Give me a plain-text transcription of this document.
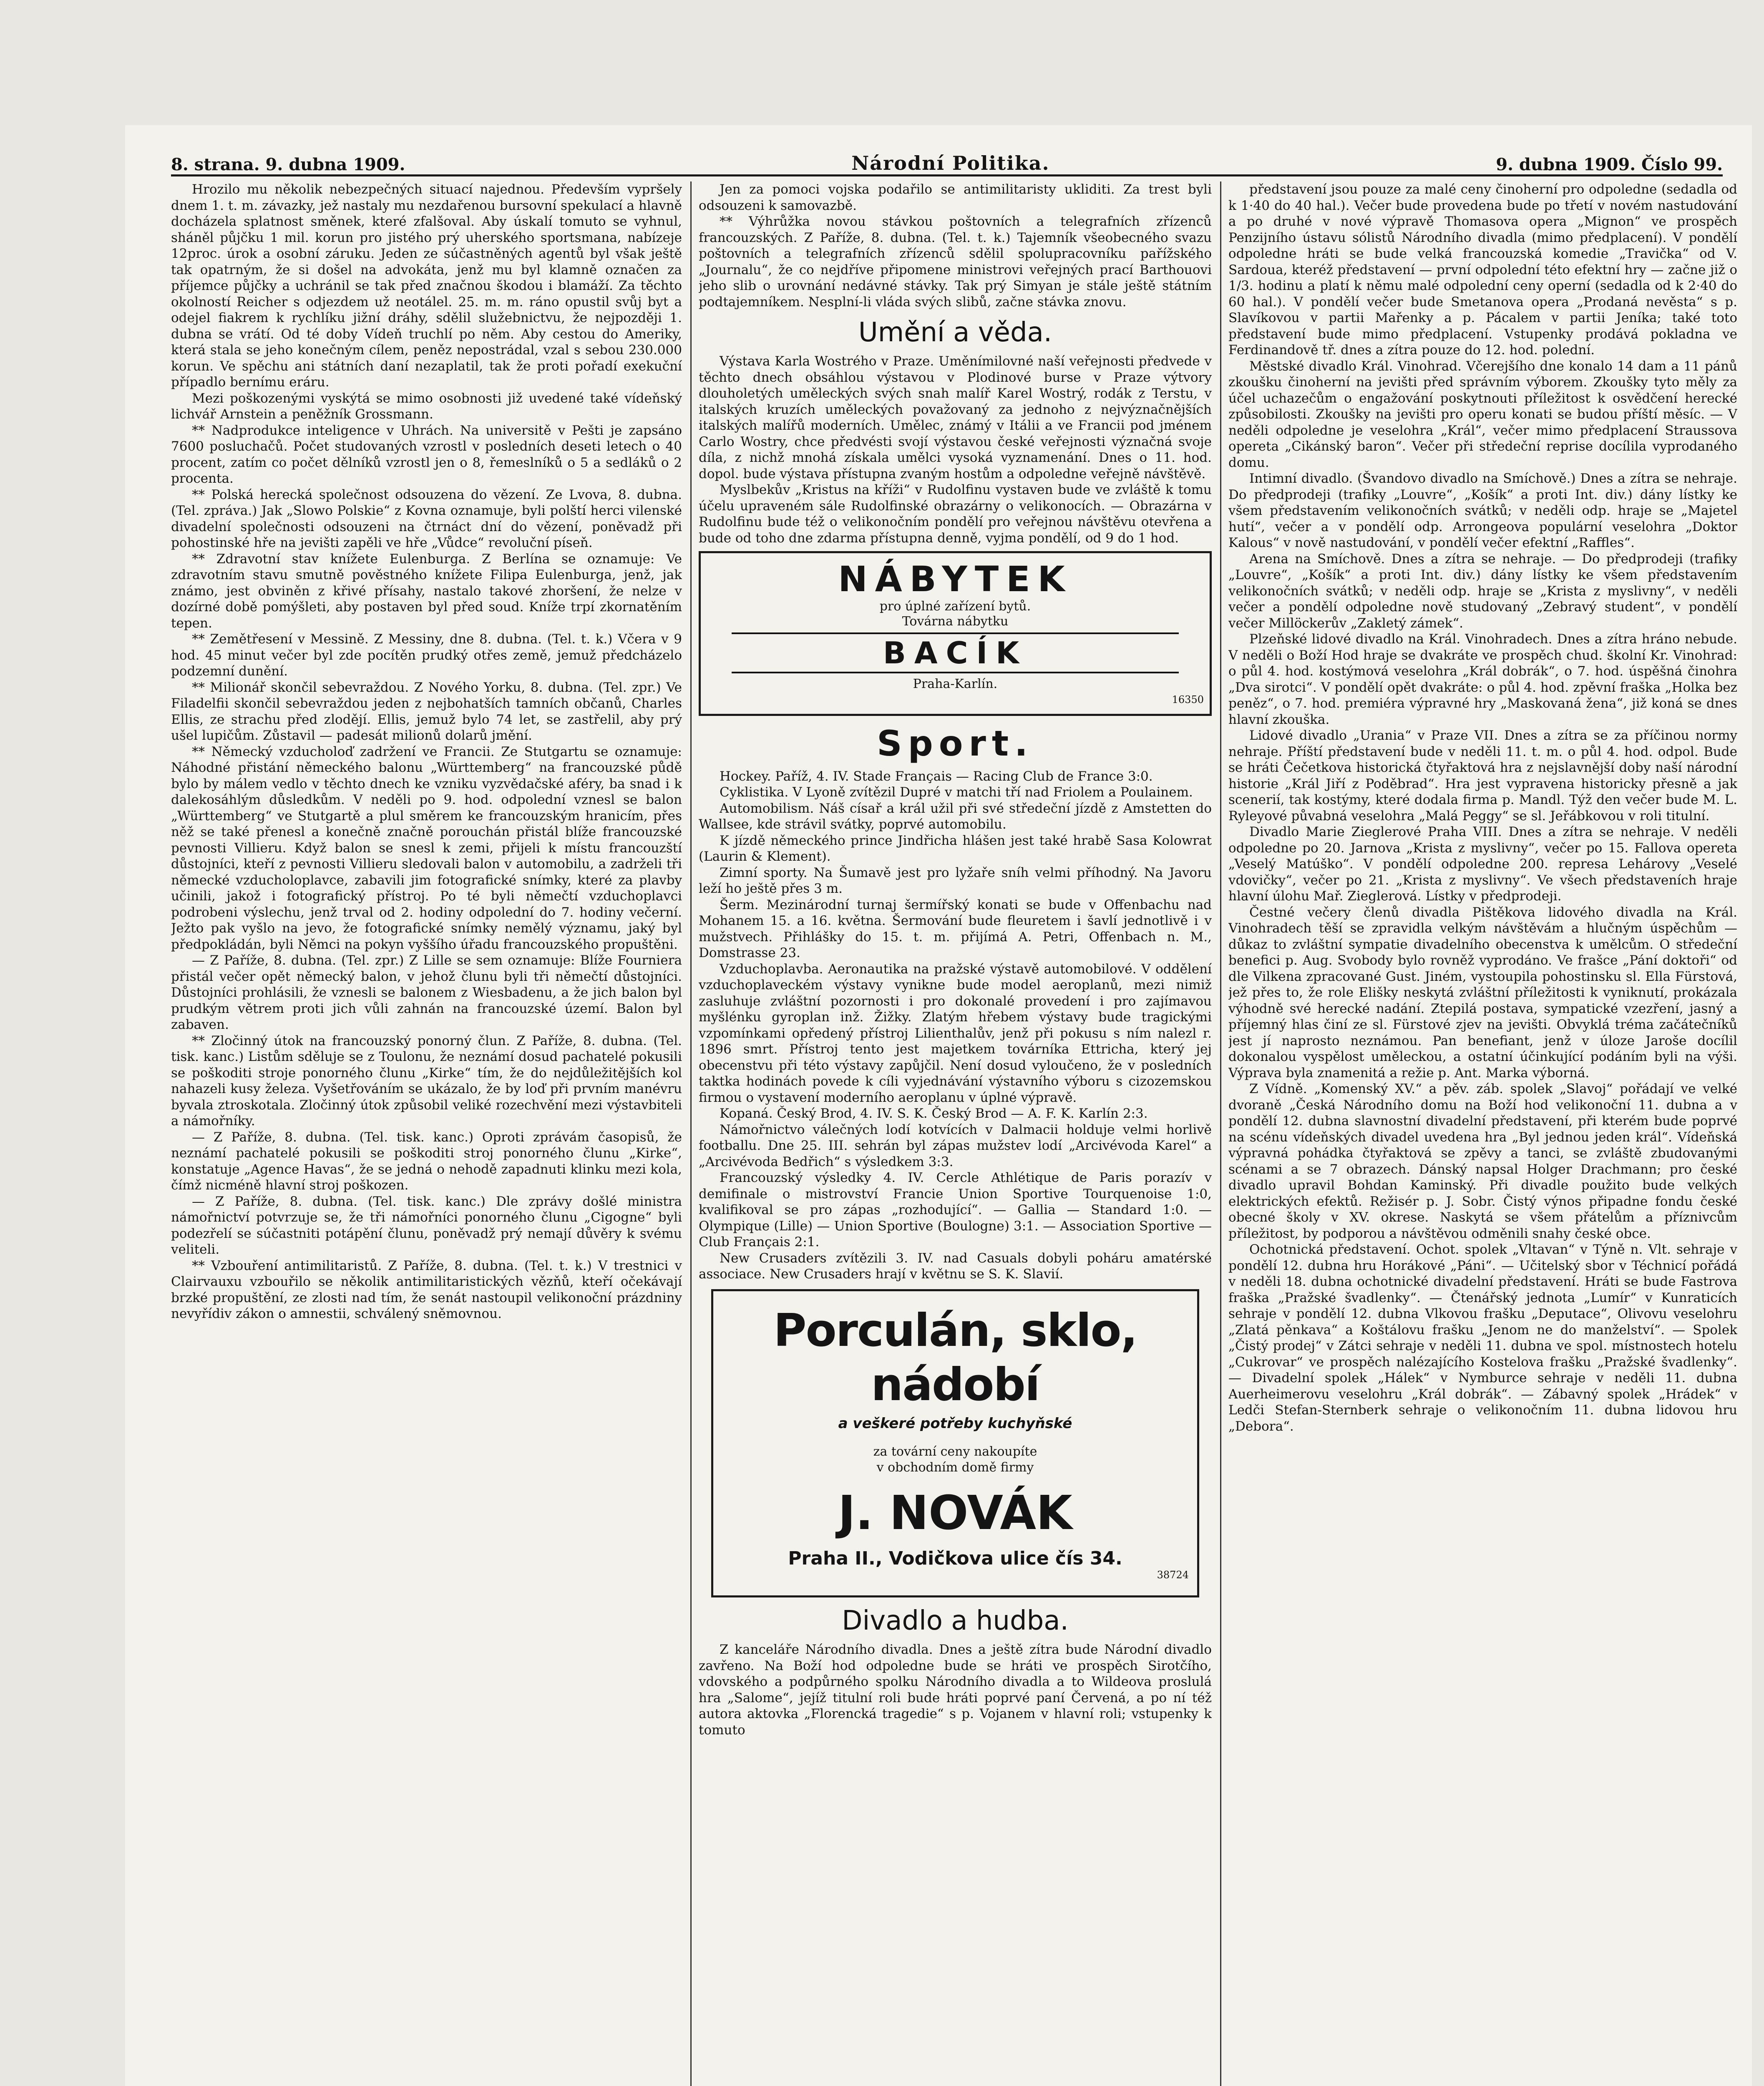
8. strana. 9. dubna 1909.	Národní Politika.	9. dubna 1909. Číslo 99.

Hrozilo mu několik nebezpečných situací najednou. Především vypršely dnem 1. t. m. závazky, jež nastaly mu nezdařenou bursovní spekulací a hlavně docházela splatnost směnek, které zfalšoval. Aby úskalí tomuto se vyhnul, sháněl půjčku 1 mil. korun pro jistého prý uherského sportsmana, nabízeje 12proc. úrok a osobní záruku. Jeden ze súčastněných agentů byl však ještě tak opatrným, že si došel na advokáta, jenž mu byl klamně označen za příjemce půjčky a uchránil se tak před značnou škodou i blamáží. Za těchto okolností Reicher s odjezdem už neotálel. 25. m. m. ráno opustil svůj byt a odejel fiakrem k rychlíku jižní dráhy, sdělil služebnictvu, že nejpozději 1. dubna se vrátí. Od té doby Vídeň truchlí po něm. Aby cestou do Ameriky, která stala se jeho konečným cílem, peněz nepostrádal, vzal s sebou 230.000 korun. Ve spěchu ani státních daní nezaplatil, tak že proti pořadí exekuční případlo bernímu eráru.

Mezi poškozenými vyskýtá se mimo osobnosti již uvedené také vídeňský lichvář Arnstein a peněžník Grossmann.

** Nadprodukce inteligence v Uhrách. Na universitě v Pešti je zapsáno 7600 posluchačů. Počet studovaných vzrostl v posledních deseti letech o 40 procent, zatím co počet dělníků vzrostl jen o 8, řemeslníků o 5 a sedláků o 2 procenta.

** Polská herecká společnost odsouzena do vězení. Ze Lvova, 8. dubna. (Tel. zpráva.) Jak „Slowo Polskie“ z Kovna oznamuje, byli polští herci vilenské divadelní společnosti odsouzeni na čtrnáct dní do vězení, poněvadž při pohostinské hře na jevišti zapěli ve hře „Vůdce“ revoluční píseň.

** Zdravotní stav knížete Eulenburga. Z Berlína se oznamuje: Ve zdravotním stavu smutně pověstného knížete Filipa Eulenburga, jenž, jak známo, jest obviněn z křivé přísahy, nastalo takové zhoršení, že nelze v dozírné době pomýšleti, aby postaven byl před soud. Kníže trpí zkornatěním tepen.

** Zemětřesení v Messině. Z Messiny, dne 8. dubna. (Tel. t. k.) Včera v 9 hod. 45 minut večer byl zde pocítěn prudký otřes země, jemuž předcházelo podzemní dunění.

** Milionář skončil sebevraždou. Z Nového Yorku, 8. dubna. (Tel. zpr.) Ve Filadelfii skončil sebevraždou jeden z nejbohatších tamních občanů, Charles Ellis, ze strachu před zlodějí. Ellis, jemuž bylo 74 let, se zastřelil, aby prý ušel lupičům. Zůstavil — padesát milionů dolarů jmění.

** Německý vzducholoď zadržení ve Francii. Ze Stutgartu se oznamuje: Náhodné přistání německého balonu „Württemberg“ na francouzské půdě bylo by málem vedlo v těchto dnech ke vzniku vyzvědačské aféry, ba snad i k dalekosáhlým důsledkům. V neděli po 9. hod. odpolední vznesl se balon „Württemberg“ ve Stutgartě a plul směrem ke francouzským hranicím, přes něž se také přenesl a konečně značně porouchán přistál blíže francouzské pevnosti Villieru. Když balon se snesl k zemi, přijeli k místu francouzští důstojníci, kteří z pevnosti Villieru sledovali balon v automobilu, a zadrželi tři německé vzducholoplavce, zabavili jim fotografické snímky, které za plavby učinili, jakož i fotografický přístroj. Po té byli němečtí vzduchoplavci podrobeni výslechu, jenž trval od 2. hodiny odpolední do 7. hodiny večerní. Ježto pak vyšlo na jevo, že fotografické snímky nemělý významu, jaký byl předpokládán, byli Němci na pokyn vyššího úřadu francouzského propuštěni.

— Z Paříže, 8. dubna. (Tel. zpr.) Z Lille se sem oznamuje: Blíže Fourniera přistál večer opět německý balon, v jehož člunu byli tři němečtí důstojníci. Důstojníci prohlásili, že vznesli se balonem z Wiesbadenu, a že jich balon byl prudkým větrem proti jich vůli zahnán na francouzské území. Balon byl zabaven.

** Zločinný útok na francouzský ponorný člun. Z Paříže, 8. dubna. (Tel. tisk. kanc.) Listům sděluje se z Toulonu, že neznámí dosud pachatelé pokusili se poškoditi stroje ponorného člunu „Kirke“ tím, že do nejdůležitějších kol nahazeli kusy železa. Vyšetřováním se ukázalo, že by loď při prvním manévru byvala ztroskotala. Zločinný útok způsobil veliké rozechvění mezi výstavbiteli a námořníky.

— Z Paříže, 8. dubna. (Tel. tisk. kanc.) Oproti zprávám časopisů, že neznámí pachatelé pokusili se poškoditi stroj ponorného člunu „Kirke“, konstatuje „Agence Havas“, že se jedná o nehodě zapadnuti klinku mezi kola, čímž nicméně hlavní stroj poškozen.

— Z Paříže, 8. dubna. (Tel. tisk. kanc.) Dle zprávy došlé ministra námořnictví potvrzuje se, že tři námořníci ponorného člunu „Cigogne“ byli podezřelí se súčastniti potápění člunu, poněvadž prý nemají důvěry k svému veliteli.

** Vzbouření antimilitaristů. Z Paříže, 8. dubna. (Tel. t. k.) V trestnici v Clairvauxu vzbouřilo se několik antimilitaristických vězňů, kteří očekávají brzké propuštění, ze zlosti nad tím, že senát nastoupil velikonoční prázdniny nevyřídiv zákon o amnestii, schválený sněmovnou.

Jen za pomoci vojska podařilo se antimilitaristy ukliditi. Za trest byli odsouzeni k samovazbě.

** Výhrůžka novou stávkou poštovních a telegrafních zřízenců francouzských. Z Paříže, 8. dubna. (Tel. t. k.) Tajemník všeobecného svazu poštovních a telegrafních zřízenců sdělil spolupracovníku pařížského „Journalu“, že co nejdříve připomene ministrovi veřejných prací Barthouovi jeho slib o urovnání nedávné stávky. Tak prý Simyan je stále ještě státním podtajemníkem. Nesplní-li vláda svých slibů, začne stávka znovu.

Umění a věda.

Výstava Karla Wostrého v Praze. Uměnímilovné naší veřejnosti předvede v těchto dnech obsáhlou výstavou v Plodinové burse v Praze výtvory dlouholetých uměleckých svých snah malíř Karel Wostrý, rodák z Terstu, v italských kruzích uměleckých považovaný za jednoho z nejvýznačnějších italských malířů moderních. Umělec, známý v Itálii a ve Francii pod jménem Carlo Wostry, chce předvésti svojí výstavou české veřejnosti význačná svoje díla, z nichž mnohá získala umělci vysoká vyznamenání. Dnes o 11. hod. dopol. bude výstava přístupna zvaným hostům a odpoledne veřejně návštěvě.

Myslbekův „Kristus na kříži“ v Rudolfinu vystaven bude ve zvláště k tomu účelu upraveném sále Rudolfinské obrazárny o velikonocích. — Obrazárna v Rudolfinu bude též o velikonočním pondělí pro veřejnou návštěvu otevřena a bude od toho dne zdarma přístupna denně, vyjma pondělí, od 9 do 1 hod.

NÁBYTEK
pro úplné zařízení bytů.
Továrna nábytku
BACÍK
Praha-Karlín.
16350
Sport.

Hockey. Paříž, 4. IV. Stade Français — Racing Club de France 3:0.

Cyklistika. V Lyoně zvítězil Dupré v matchi tří nad Friolem a Poulainem.

Automobilism. Náš císař a král užil při své středeční jízdě z Amstetten do Wallsee, kde strávil svátky, poprvé automobilu.

K jízdě německého prince Jindřicha hlášen jest také hrabě Sasa Kolowrat (Laurin & Klement).

Zimní sporty. Na Šumavě jest pro lyžaře sníh velmi příhodný. Na Javoru leží ho ještě přes 3 m.

Šerm. Mezinárodní turnaj šermířský konati se bude v Offenbachu nad Mohanem 15. a 16. května. Šermování bude fleuretem i šavlí jednotlivě i v mužstvech. Přihlášky do 15. t. m. přijímá A. Petri, Offenbach n. M., Domstrasse 23.

Vzduchoplavba. Aeronautika na pražské výstavě automobilové. V oddělení vzduchoplaveckém výstavy vynikne bude model aeroplanů, mezi nimiž zasluhuje zvláštní pozornosti i pro dokonalé provedení i pro zajímavou myšlénku gyroplan inž. Žižky. Zlatým hřebem výstavy bude tragickými vzpomínkami opředený přístroj Lilienthalův, jenž při pokusu s ním nalezl r. 1896 smrt. Přístroj tento jest majetkem továrníka Ettricha, který jej obecenstvu při této výstavy zapůjčil. Není dosud vyloučeno, že v posledních taktka hodinách povede k cíli vyjednávání výstavního výboru s cizozemskou firmou o vystavení moderního aeroplanu v úplné výpravě.

Kopaná. Český Brod, 4. IV. S. K. Český Brod — A. F. K. Karlín 2:3.

Námořnictvo válečných lodí kotvících v Dalmacii holduje velmi horlivě footballu. Dne 25. III. sehrán byl zápas mužstev lodí „Arcivévoda Karel“ a „Arcivévoda Bedřich“ s výsledkem 3:3.

Francouzský výsledky 4. IV. Cercle Athlétique de Paris porazív v demifinale o mistrovství Francie Union Sportive Tourquenoise 1:0, kvalifikoval se pro zápas „rozhodující“. — Gallia — Standard 1:0. — Olympique (Lille) — Union Sportive (Boulogne) 3:1. — Association Sportive — Club Français 2:1.

New Crusaders zvítězili 3. IV. nad Casuals dobyli poháru amatérské associace. New Crusaders hrají v květnu se S. K. Slavií.

Porculán, sklo, nádobí
a veškeré potřeby kuchyňské
za tovární ceny nakoupíte
v obchodním domě firmy
J. NOVÁK
Praha II., Vodičkova ulice čís 34.
38724
Divadlo a hudba.

Z kanceláře Národního divadla. Dnes a ještě zítra bude Národní divadlo zavřeno. Na Boží hod odpoledne bude se hráti ve prospěch Sirotčího, vdovského a podpůrného spolku Národního divadla a to Wildeova proslulá hra „Salome“, jejíž titulní roli bude hráti poprvé paní Červená, a po ní též autora aktovka „Florencká tragedie“ s p. Vojanem v hlavní roli; vstupenky k tomuto

představení jsou pouze za malé ceny činoherní pro odpoledne (sedadla od k 1·40 do 40 hal.). Večer bude provedena bude po třetí v novém nastudování a po druhé v nové výpravě Thomasova opera „Mignon“ ve prospěch Penzijního ústavu sólistů Národního divadla (mimo předplacení). V pondělí odpoledne hráti se bude velká francouzská komedie „Travička“ od V. Sardoua, kteréž představení — první odpolední této efektní hry — začne již o 1/3. hodinu a platí k němu malé odpolední ceny operní (sedadla od k 2·40 do 60 hal.). V pondělí večer bude Smetanova opera „Prodaná nevěsta“ s p. Slavíkovou v partii Mařenky a p. Pácalem v partii Jeníka; také toto představení bude mimo předplacení. Vstupenky prodává pokladna ve Ferdinandově tř. dnes a zítra pouze do 12. hod. polední.

Městské divadlo Král. Vinohrad. Včerejšího dne konalo 14 dam a 11 pánů zkoušku činoherní na jevišti před správním výborem. Zkoušky tyto měly za účel uchazečům o engažování poskytnouti příležitost k osvědčení herecké způsobilosti. Zkoušky na jevišti pro operu konati se budou příští měsíc. — V neděli odpoledne je veselohra „Král“, večer mimo předplacení Straussova opereta „Cikánský baron“. Večer při středeční reprise docílila vyprodaného domu.

Intimní divadlo. (Švandovo divadlo na Smíchově.) Dnes a zítra se nehraje. Do předprodeji (trafiky „Louvre“, „Košík“ a proti Int. div.) dány lístky ke všem představením velikonočních svátků; v neděli odp. hraje se „Majetel hutí“, večer a v pondělí odp. Arrongeova populární veselohra „Doktor Kalous“ v nově nastudování, v pondělí večer efektní „Raffles“.

Arena na Smíchově. Dnes a zítra se nehraje. — Do předprodeji (trafiky „Louvre“, „Košík“ a proti Int. div.) dány lístky ke všem představením velikonočních svátků; v neděli odp. hraje se „Krista z myslivny“, v neděli večer a pondělí odpoledne nově studovaný „Zebravý student“, v pondělí večer Millöckerův „Zakletý zámek“.

Plzeňské lidové divadlo na Král. Vinohradech. Dnes a zítra hráno nebude. V neděli o Boží Hod hraje se dvakráte ve prospěch chud. školní Kr. Vinohrad: o půl 4. hod. kostýmová veselohra „Král dobrák“, o 7. hod. úspěšná činohra „Dva sirotci“. V pondělí opět dvakráte: o půl 4. hod. zpěvní fraška „Holka bez peněz“, o 7. hod. premiéra výpravné hry „Maskovaná žena“, již koná se dnes hlavní zkouška.

Lidové divadlo „Urania“ v Praze VII. Dnes a zítra se za příčinou normy nehraje. Příští představení bude v neděli 11. t. m. o půl 4. hod. odpol. Bude se hráti Čečetkova historická čtyřaktová hra z nejslavnější doby naší národní historie „Král Jiří z Poděbrad“. Hra jest vypravena historicky přesně a jak scenerií, tak kostýmy, které dodala firma p. Mandl. Týž den večer bude M. L. Ryleyové půvabná veselohra „Malá Peggy“ se sl. Jeřábkovou v roli titulní.

Divadlo Marie Zieglerové Praha VIII. Dnes a zítra se nehraje. V neděli odpoledne po 20. Jarnova „Krista z myslivny“, večer po 15. Fallova opereta „Veselý Matúško“. V pondělí odpoledne 200. represa Lehárovy „Veselé vdovičky“, večer po 21. „Krista z myslivny“. Ve všech představeních hraje hlavní úlohu Mař. Zieglerová. Lístky v předprodeji.

Čestné večery členů divadla Pištěkova lidového divadla na Král. Vinohradech těší se zpravidla velkým návštěvám a hlučným úspěchům — důkaz to zvláštní sympatie divadelního obecenstva k umělcům. O středeční benefici p. Aug. Svobody bylo rovněž vyprodáno. Ve frašce „Pání doktoři“ od dle Vilkena zpracované Gust. Jiném, vystoupila pohostinsku sl. Ella Fürstová, jež přes to, že role Elišky neskytá zvláštní příležitosti k vyniknutí, prokázala výhodně své herecké nadání. Ztepilá postava, sympatické vzezření, jasný a příjemný hlas činí ze sl. Fürstové zjev na jevišti. Obvyklá tréma začátečníků jest jí naprosto neznámou. Pan benefiant, jenž v úloze Jaroše docílil dokonalou vyspělost uměleckou, a ostatní účinkující podáním byli na výši. Výprava byla znamenitá a režie p. Ant. Marka výborná.

Z Vídně. „Komenský XV.“ a pěv. záb. spolek „Slavoj“ pořádají ve velké dvoraně „Česká Národního domu na Boží hod velikonoční 11. dubna a v pondělí 12. dubna slavnostní divadelní představení, při kterém bude poprvé na scénu vídeňských divadel uvedena hra „Byl jednou jeden král“. Vídeňská výpravná pohádka čtyřaktová se zpěvy a tanci, se zvláště zbudovanými scénami a se 7 obrazech. Dánský napsal Holger Drachmann; pro české divadlo upravil Bohdan Kaminský. Při divadle použito bude velkých elektrických efektů. Režisér p. J. Sobr. Čistý výnos připadne fondu české obecné školy v XV. okrese. Naskytá se všem přátelům a příznivcům příležitost, by podporou a návštěvou odměnili snahy české obce.

Ochotnická představení. Ochot. spolek „Vltavan“ v Týně n. Vlt. sehraje v pondělí 12. dubna hru Horákové „Páni“. — Učitelský sbor v Téchnicí pořádá v neděli 18. dubna ochotnické divadelní představení. Hráti se bude Fastrova fraška „Pražské švadlenky“. — Čtenářský jednota „Lumír“ v Kunraticích sehraje v pondělí 12. dubna Vlkovou frašku „Deputace“, Olivovu veselohru „Zlatá pěnkava“ a Koštálovu frašku „Jenom ne do manželství“. — Spolek „Čistý prodej“ v Zátci sehraje v neděli 11. dubna ve spol. místnostech hotelu „Cukrovar“ ve prospěch nalézajícího Kostelova frašku „Pražské švadlenky“. — Divadelní spolek „Hálek“ v Nymburce sehraje v neděli 11. dubna Auerheimerovu veselohru „Král dobrák“. — Zábavný spolek „Hrádek“ v Ledči Stefan-Sternberk sehraje o velikonočním 11. dubna lidovou hru „Debora“.
